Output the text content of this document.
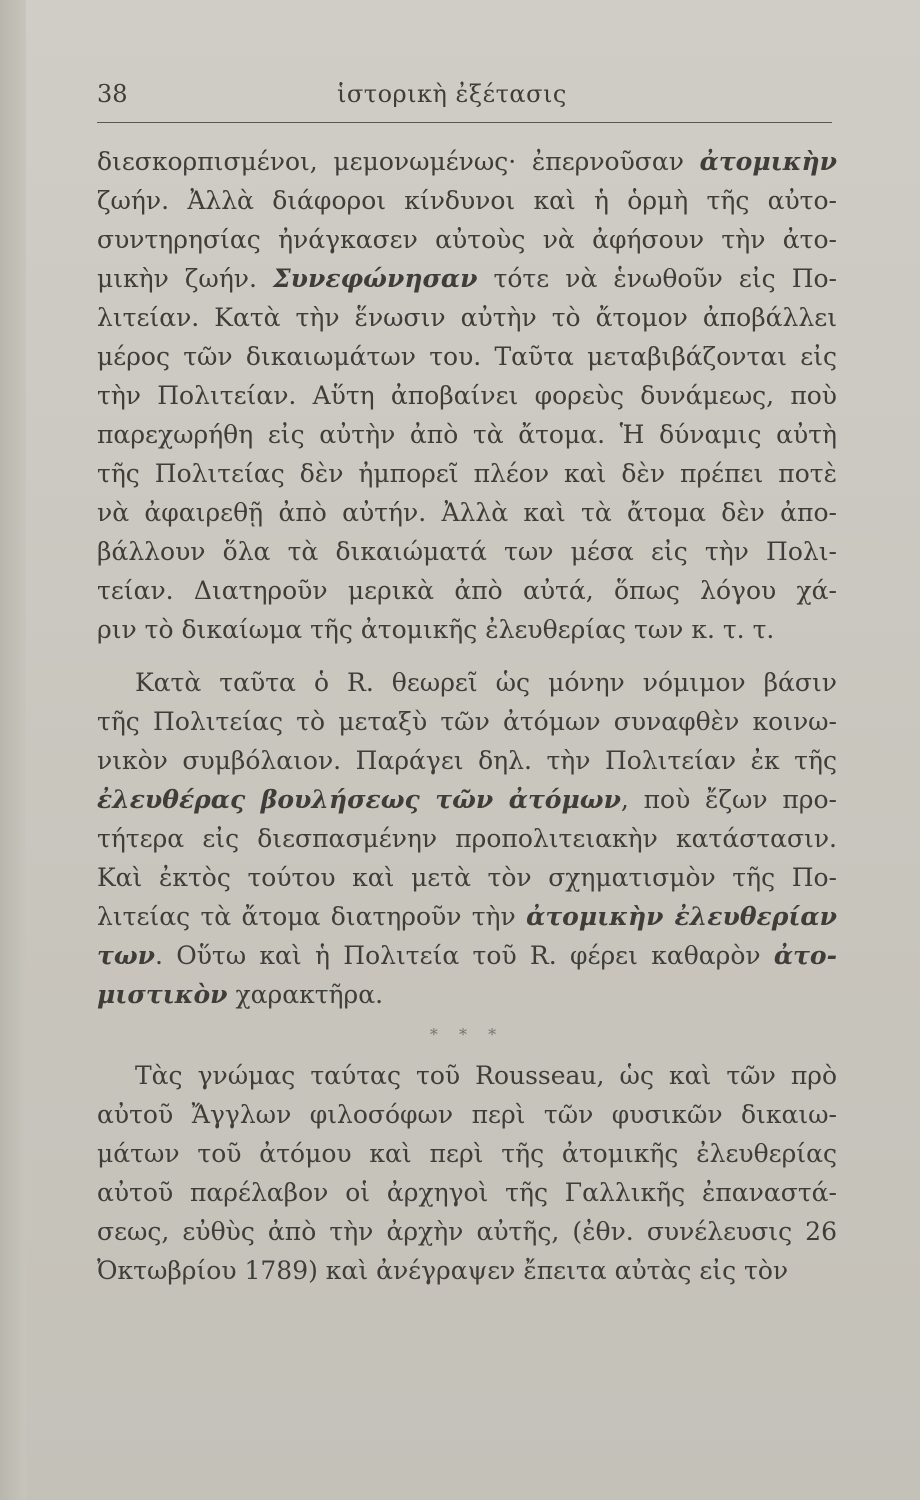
38	ἱστορικὴ ἐξέτασις
διεσκορπισμένοι, μεμονωμένως· ἐπερνοῦσαν ἀτομικὴν
ζωήν. Ἀλλὰ διάφοροι κίνδυνοι καὶ ἡ ὁρμὴ τῆς αὐτο-
συντηρησίας ἠνάγκασεν αὐτοὺς νὰ ἀφήσουν τὴν ἀτο-
μικὴν ζωήν. Συνεφώνησαν τότε νὰ ἑνωθοῦν εἰς Πο-
λιτείαν. Κατὰ τὴν ἕνωσιν αὐτὴν τὸ ἄτομον ἀποβάλλει
μέρος τῶν δικαιωμάτων του. Ταῦτα μεταβιβάζονται εἰς
τὴν Πολιτείαν. Αὕτη ἀποβαίνει φορεὺς δυνάμεως, ποὺ
παρεχωρήθη εἰς αὐτὴν ἀπὸ τὰ ἄτομα. Ἡ δύναμις αὐτὴ
τῆς Πολιτείας δὲν ἠμπορεῖ πλέον καὶ δὲν πρέπει ποτὲ
νὰ ἀφαιρεθῇ ἀπὸ αὐτήν. Ἀλλὰ καὶ τὰ ἄτομα δὲν ἀπο-
βάλλουν ὅλα τὰ δικαιώματά των μέσα εἰς τὴν Πολι-
τείαν. Διατηροῦν μερικὰ ἀπὸ αὐτά, ὅπως λόγου χά-
ριν τὸ δικαίωμα τῆς ἀτομικῆς ἐλευθερίας των κ. τ. τ.
Κατὰ ταῦτα ὁ R. θεωρεῖ ὡς μόνην νόμιμον βάσιν
τῆς Πολιτείας τὸ μεταξὺ τῶν ἀτόμων συναφθὲν κοινω-
νικὸν συμβόλαιον. Παράγει δηλ. τὴν Πολιτείαν ἐκ τῆς
ἐλευθέρας βουλήσεως τῶν ἀτόμων, ποὺ ἔζων προ-
τήτερα εἰς διεσπασμένην προπολιτειακὴν κατάστασιν.
Καὶ ἐκτὸς τούτου καὶ μετὰ τὸν σχηματισμὸν τῆς Πο-
λιτείας τὰ ἄτομα διατηροῦν τὴν ἀτομικὴν ἐλευθερίαν
των. Οὕτω καὶ ἡ Πολιτεία τοῦ R. φέρει καθαρὸν ἀτο-
μιστικὸν χαρακτῆρα.
* * *
Τὰς γνώμας ταύτας τοῦ Rousseau, ὡς καὶ τῶν πρὸ
αὐτοῦ Ἄγγλων φιλοσόφων περὶ τῶν φυσικῶν δικαιω-
μάτων τοῦ ἀτόμου καὶ περὶ τῆς ἀτομικῆς ἐλευθερίας
αὐτοῦ παρέλαβον οἱ ἀρχηγοὶ τῆς Γαλλικῆς ἐπαναστά-
σεως, εὐθὺς ἀπὸ τὴν ἀρχὴν αὐτῆς, (ἐθν. συνέλευσις 26
Ὀκτωβρίου 1789) καὶ ἀνέγραψεν ἔπειτα αὐτὰς εἰς τὸν
